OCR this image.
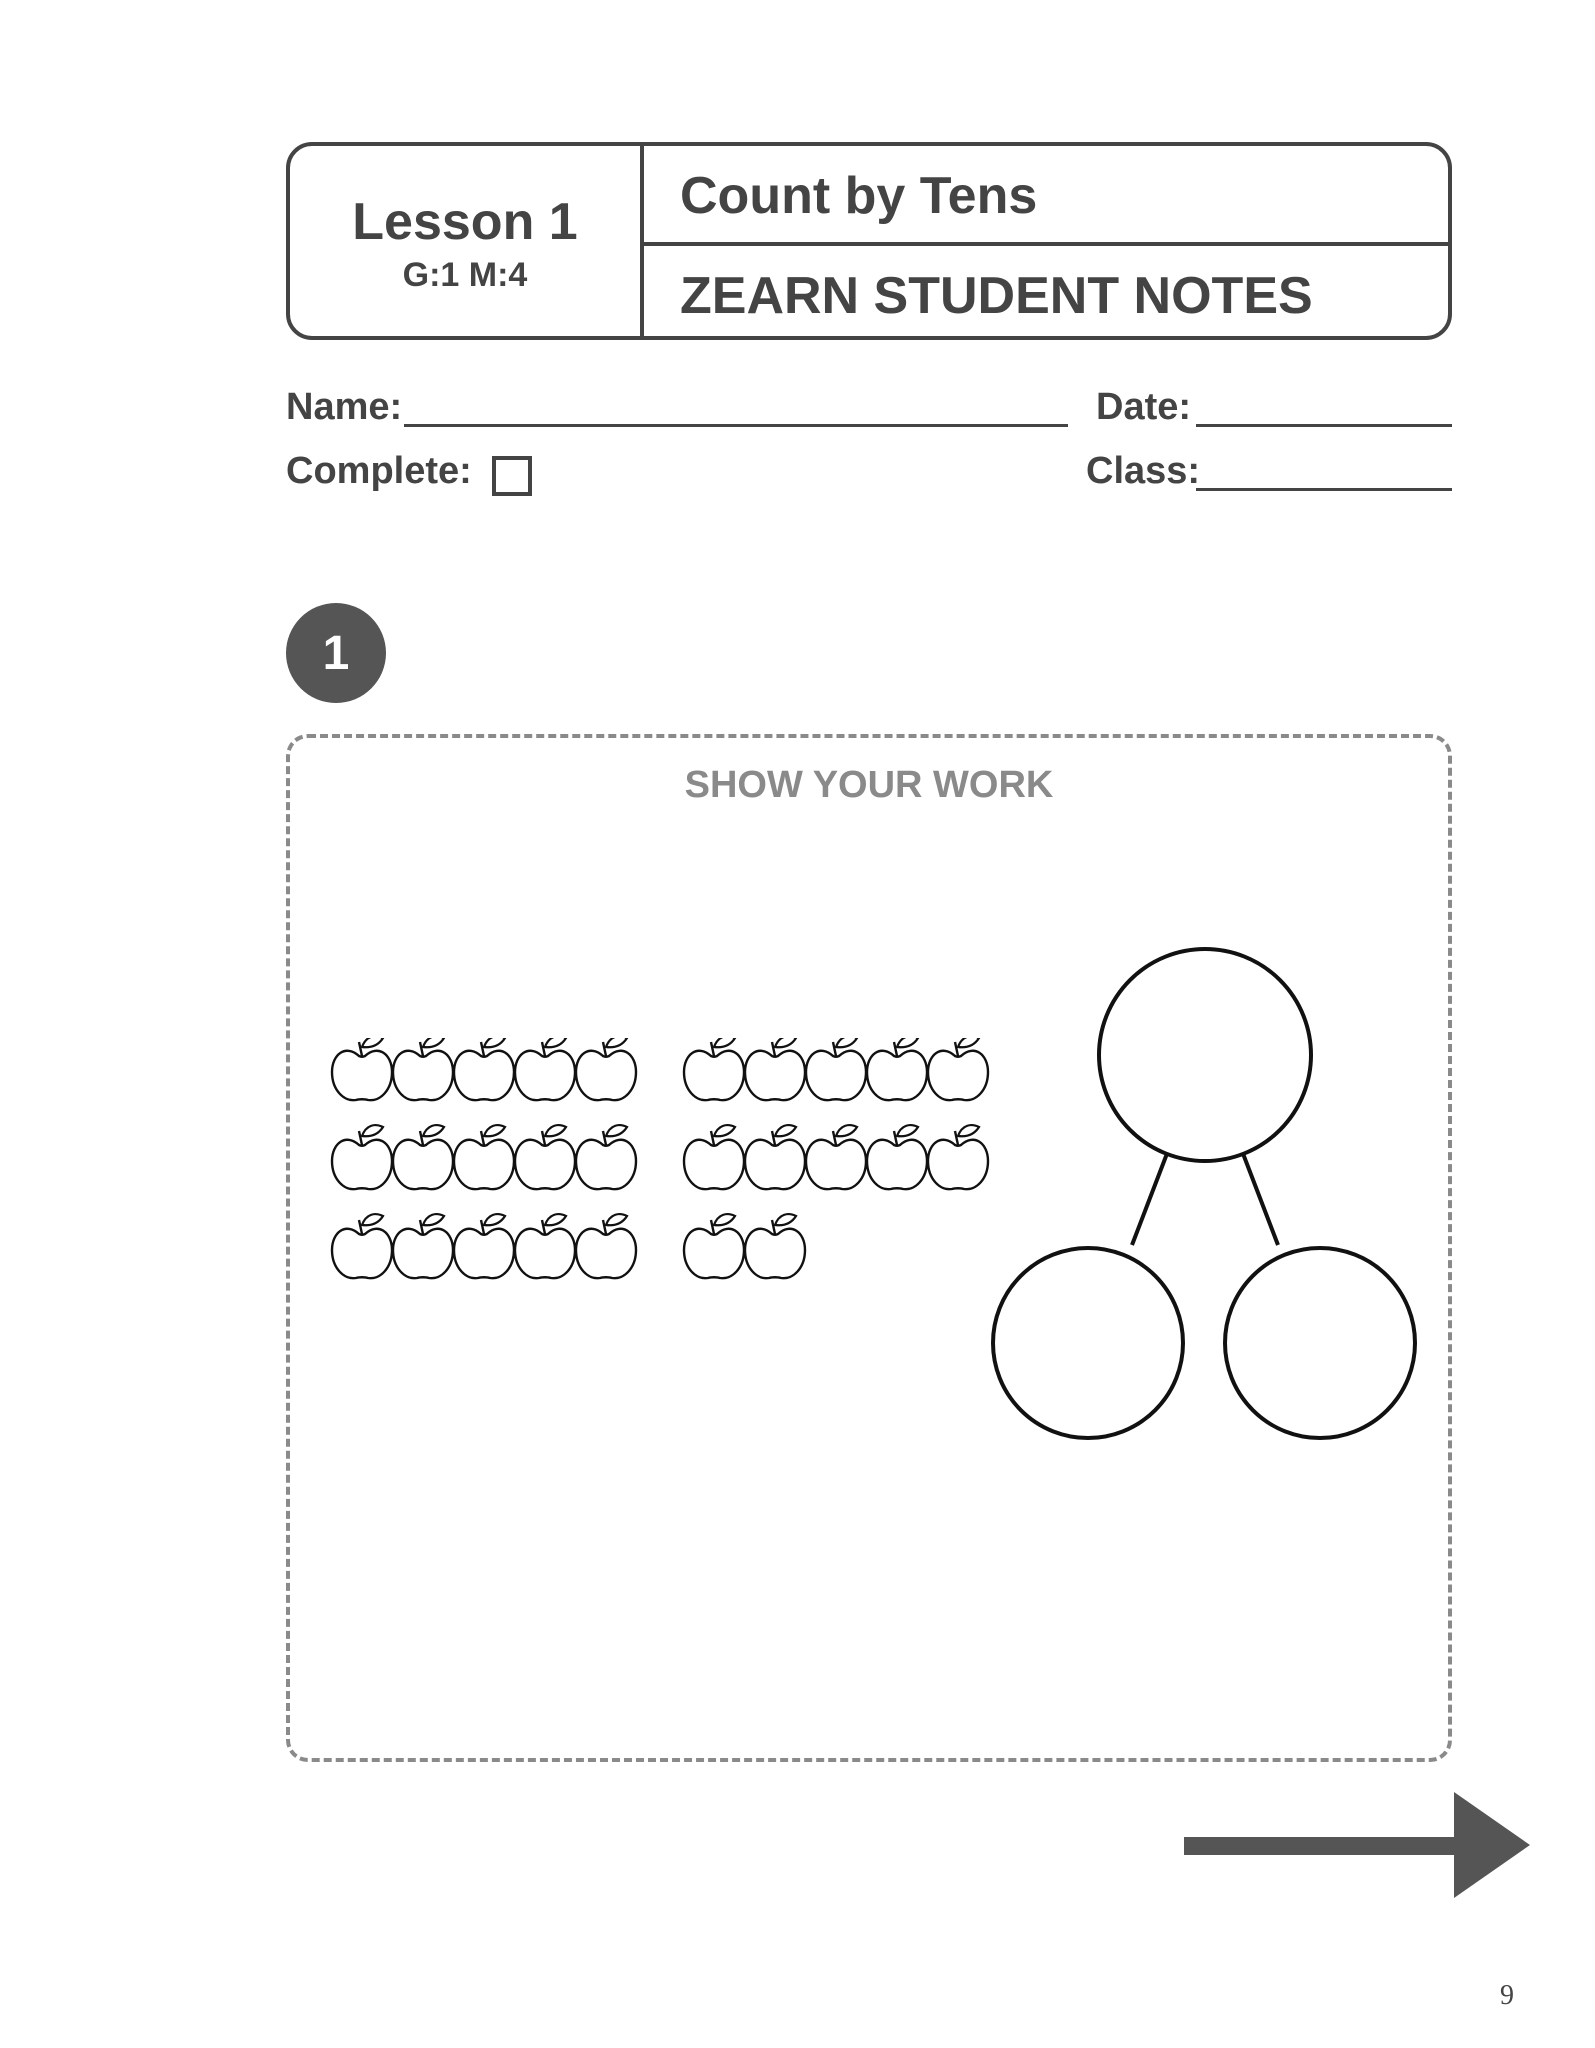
Lesson 1
G:1 M:4
Count by Tens
ZEARN STUDENT NOTES
Name:	Date:
Complete:	Class:
1
SHOW YOUR WORK
9
